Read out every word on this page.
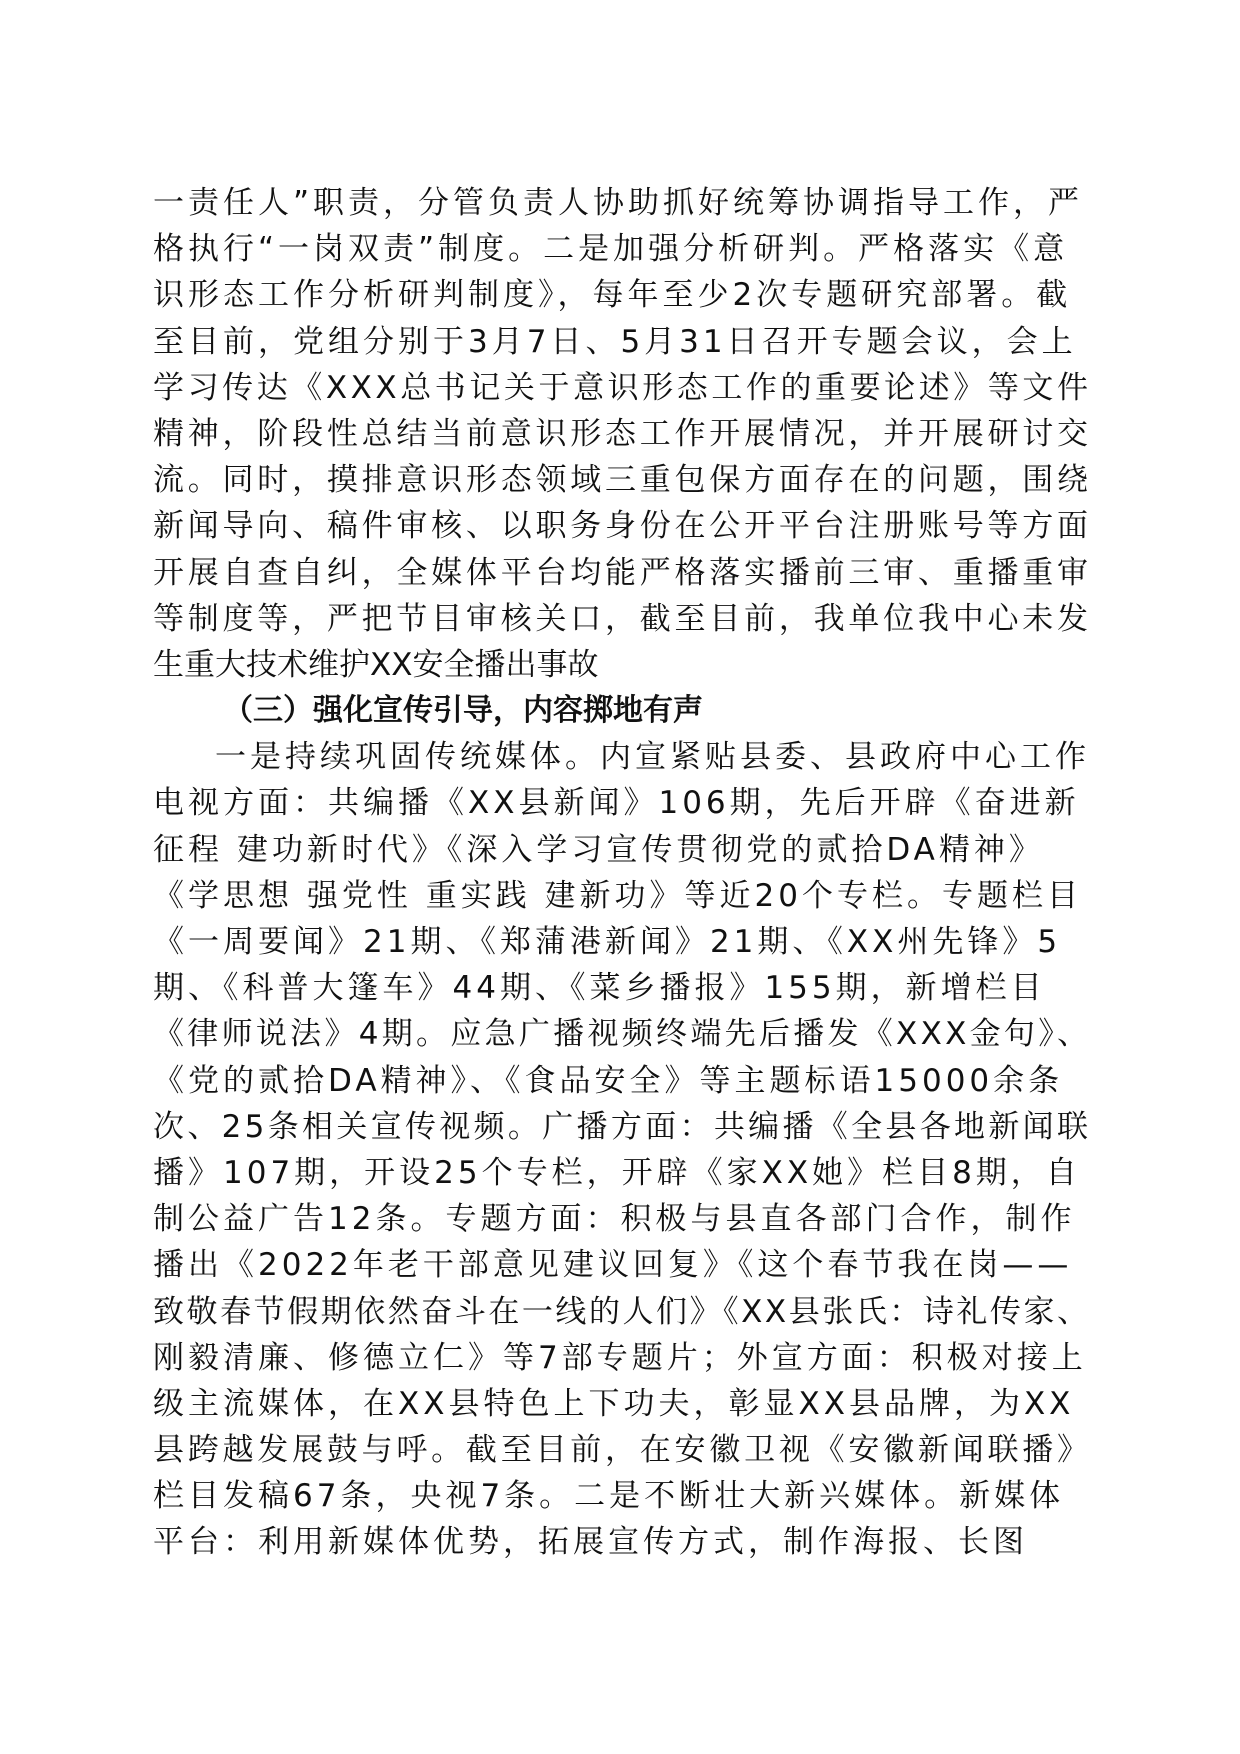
一责任人”职责，分管负责人协助抓好统筹协调指导工作，严
格执行“一岗双责”制度。二是加强分析研判。严格落实《意
识形态工作分析研判制度》，每年至少2次专题研究部署。截
至目前，党组分别于3月7日、5月31日召开专题会议，会上
学习传达《XXX总书记关于意识形态工作的重要论述》等文件
精神，阶段性总结当前意识形态工作开展情况，并开展研讨交
流。同时，摸排意识形态领域三重包保方面存在的问题，围绕
新闻导向、稿件审核、以职务身份在公开平台注册账号等方面
开展自查自纠，全媒体平台均能严格落实播前三审、重播重审
等制度等，严把节目审核关口，截至目前，我单位我中心未发
生重大技术维护XX安全播出事故
（三）强化宣传引导，内容掷地有声
一是持续巩固传统媒体。内宣紧贴县委、县政府中心工作
电视方面：共编播《XX县新闻》106期，先后开辟《奋进新
征程 建功新时代》《深入学习宣传贯彻党的贰拾DA精神》
《学思想 强党性 重实践 建新功》等近20个专栏。专题栏目
《一周要闻》21期、《郑蒲港新闻》21期、《XX州先锋》5
期、《科普大篷车》44期、《菜乡播报》155期，新增栏目
《律师说法》4期。应急广播视频终端先后播发《XXX金句》、
《党的贰拾DA精神》、《食品安全》等主题标语15000余条
次、25条相关宣传视频。广播方面：共编播《全县各地新闻联
播》107期，开设25个专栏，开辟《家XX她》栏目8期，自
制公益广告12条。专题方面：积极与县直各部门合作，制作
播出《2022年老干部意见建议回复》《这个春节我在岗——
致敬春节假期依然奋斗在一线的人们》《XX县张氏：诗礼传家、
刚毅清廉、修德立仁》等7部专题片；外宣方面：积极对接上
级主流媒体，在XX县特色上下功夫，彰显XX县品牌，为XX
县跨越发展鼓与呼。截至目前，在安徽卫视《安徽新闻联播》
栏目发稿67条，央视7条。二是不断壮大新兴媒体。新媒体
平台：利用新媒体优势，拓展宣传方式，制作海报、长图
